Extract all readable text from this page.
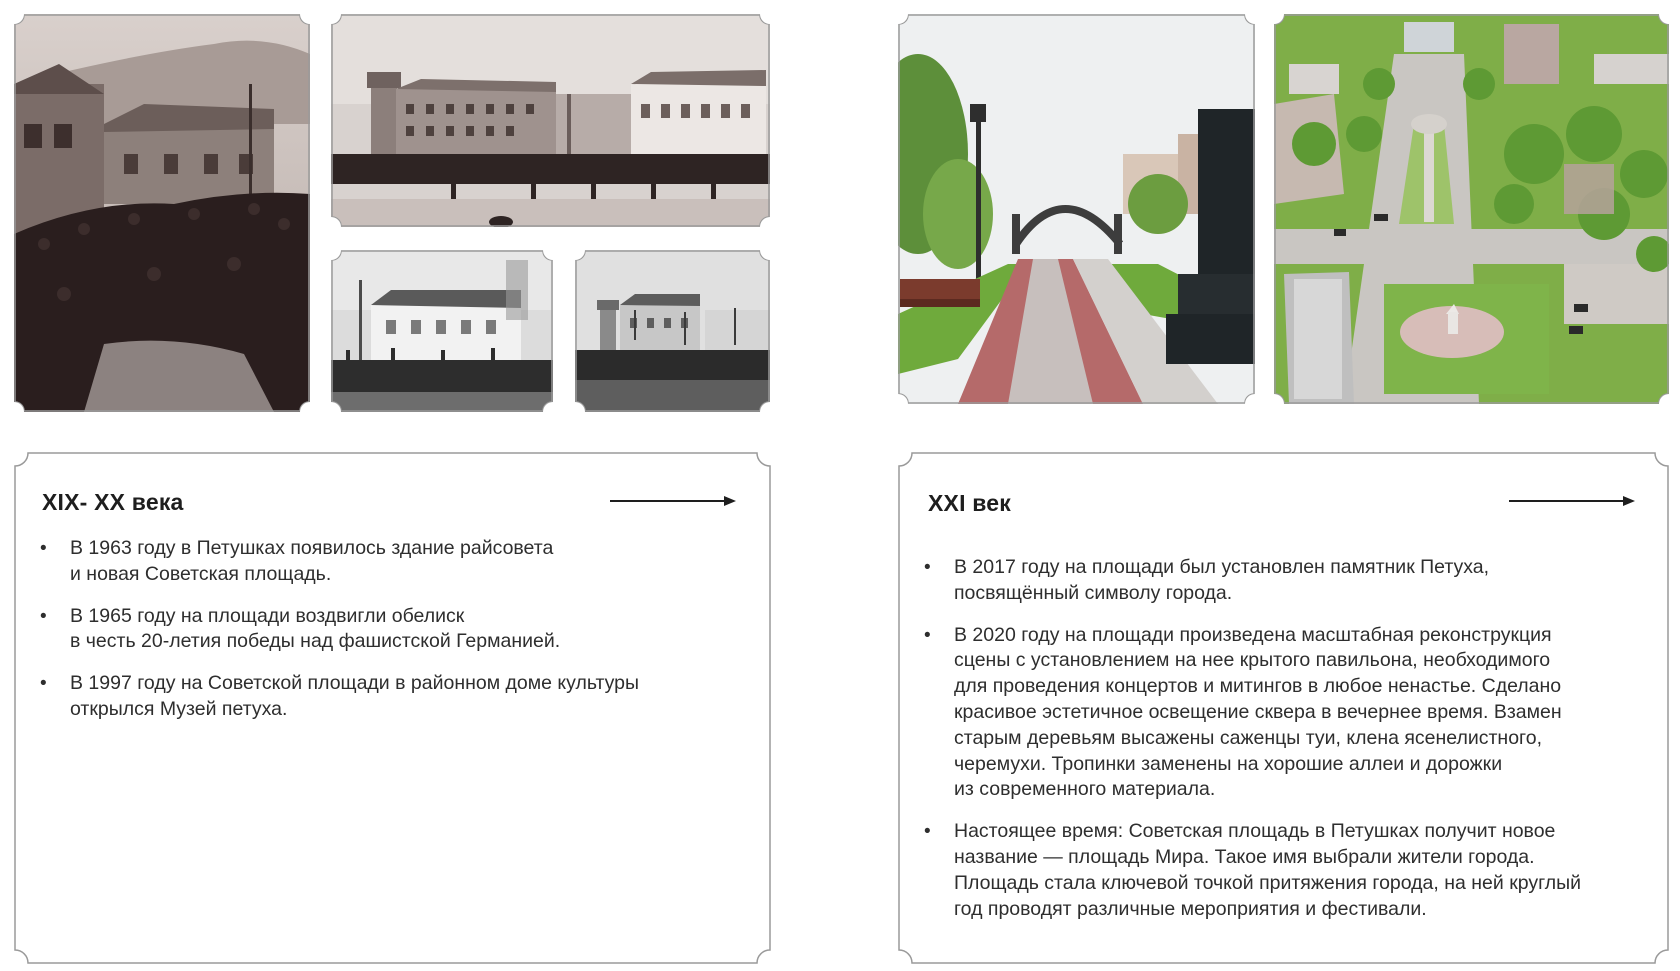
XIX- XX века
• В 1963 году в Петушках появилось здание райсовета
и новая Советская площадь.
• В 1965 году на площади воздвигли обелиск
в честь 20-летия победы над фашистской Германией.
• В 1997 году на Советской площади в районном доме культуры
открылся Музей петуха.
XXI век
• В 2017 году на площади был установлен памятник Петуха,
посвящённый символу города.
• В 2020 году на площади произведена масштабная реконструкция
сцены с установлением на нее крытого павильона, необходимого
для проведения концертов и митингов в любое ненастье. Сделано
красивое эстетичное освещение сквера в вечернее время. Взамен
старым деревьям высажены саженцы туи, клена ясенелистного,
черемухи. Тропинки заменены на хорошие аллеи и дорожки
из современного материала.
• Настоящее время: Советская площадь в Петушках получит новое
название — площадь Мира. Такое имя выбрали жители города.
Площадь стала ключевой точкой притяжения города, на ней круглый
год проводят различные мероприятия и фестивали.
